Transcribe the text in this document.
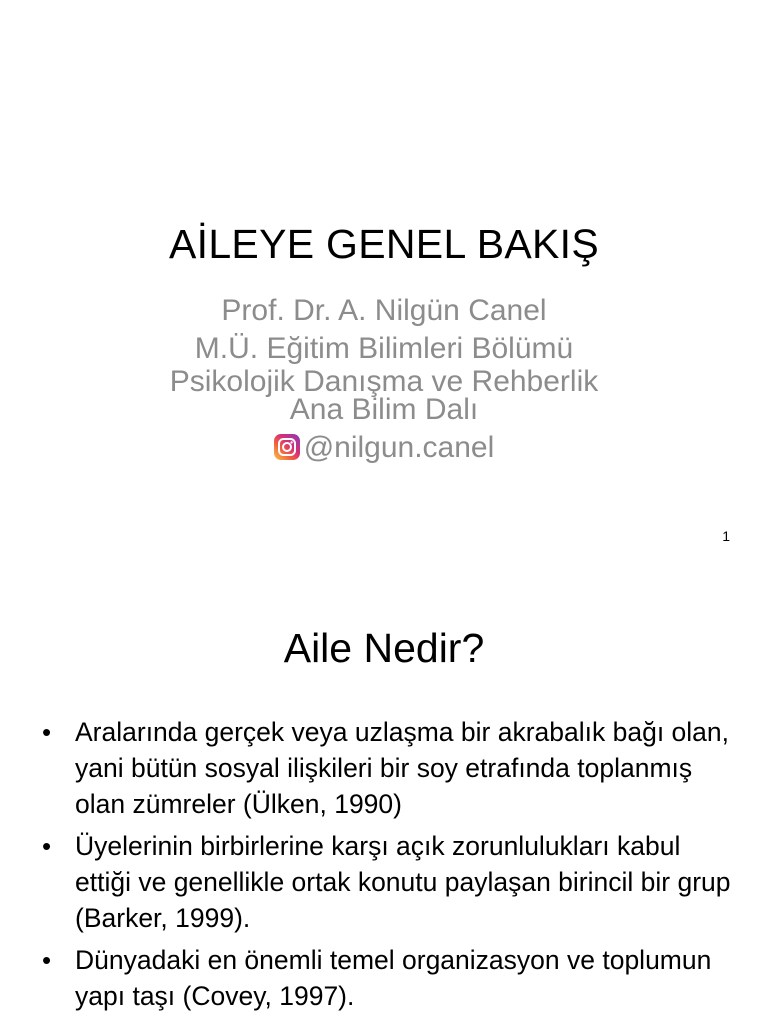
AİLEYE GENEL BAKIŞ
Prof. Dr. A. Nilgün Canel
M.Ü. Eğitim Bilimleri Bölümü
Psikolojik Danışma ve Rehberlik
Ana Bilim Dalı
@nilgun.canel
1
Aile Nedir?
• Aralarında gerçek veya uzlaşma bir akrabalık bağı olan, yani bütün sosyal ilişkileri bir soy etrafında toplanmış olan zümreler (Ülken, 1990)
• Üyelerinin birbirlerine karşı açık zorunlulukları kabul ettiği ve genellikle ortak konutu paylaşan birincil bir grup (Barker, 1999).
• Dünyadaki en önemli temel organizasyon ve toplumun yapı taşı (Covey, 1997).
